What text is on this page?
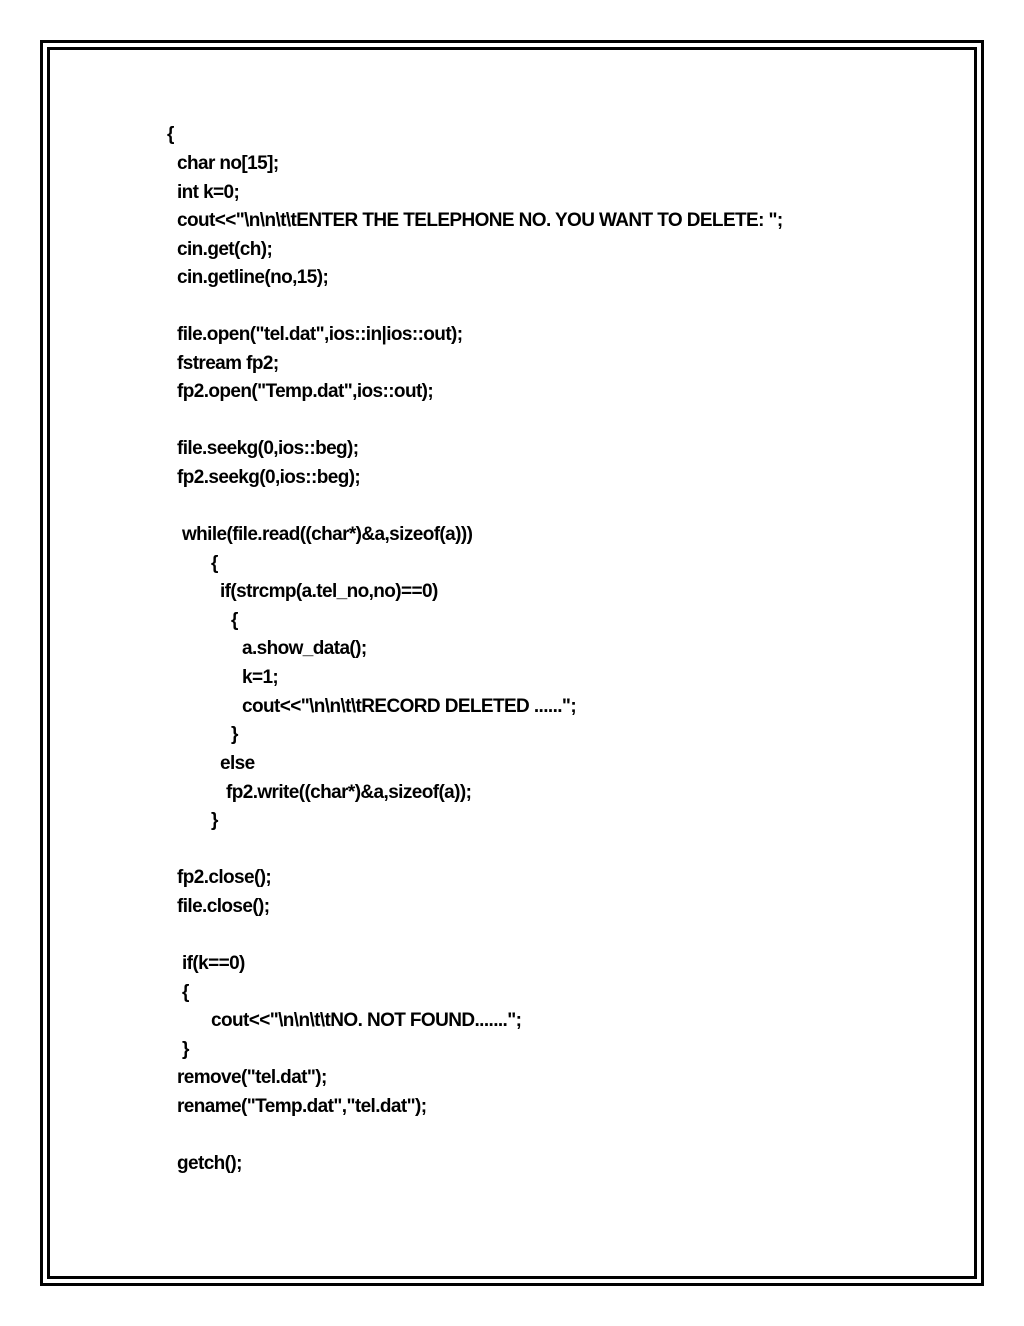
{
char no[15];
int k=0;
cout<<"\n\n\t\tENTER THE TELEPHONE NO. YOU WANT TO DELETE: ";
cin.get(ch);
cin.getline(no,15);
file.open("tel.dat",ios::in|ios::out);
fstream fp2;
fp2.open("Temp.dat",ios::out);
file.seekg(0,ios::beg);
fp2.seekg(0,ios::beg);
while(file.read((char*)&a,sizeof(a)))
{
if(strcmp(a.tel_no,no)==0)
{
a.show_data();
k=1;
cout<<"\n\n\t\tRECORD DELETED ......";
}
else
fp2.write((char*)&a,sizeof(a));
}
fp2.close();
file.close();
if(k==0)
{
cout<<"\n\n\t\tNO. NOT FOUND.......";
}
remove("tel.dat");
rename("Temp.dat","tel.dat");
getch();
